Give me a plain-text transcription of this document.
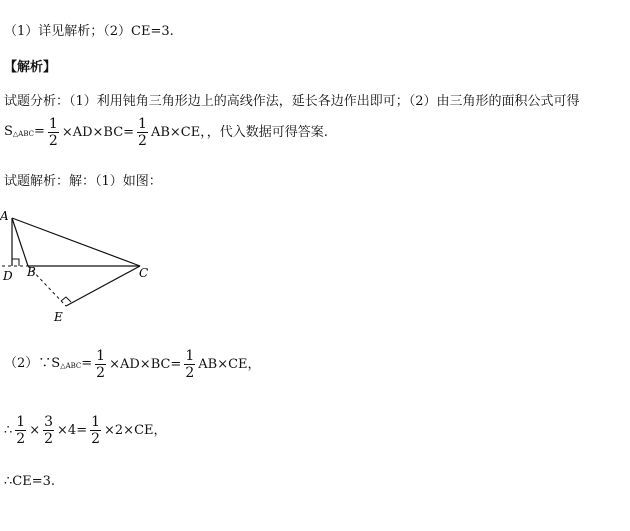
（1）详见解析；（2）CE=3.
【解析】
试题分析：（1）利用钝角三角形边上的高线作法，延长各边作出即可；（2）由三角形的面积公式可得
S△ABC= $\frac{1}{2} \times AD\times BC= \frac{1}{2} AB\times CE$，，代入数据可得答案.
试题解析：解：（1）如图：
A
D B	C
E
（2）∵S△ABC= $\frac{1}{2} \times AD\times BC= \frac{1}{2} AB\times CE$，
∴ $\frac{1}{2} \times \frac{3}{2} \times 4= \frac{1}{2} \times 2\times CE$，
∴CE=3.
